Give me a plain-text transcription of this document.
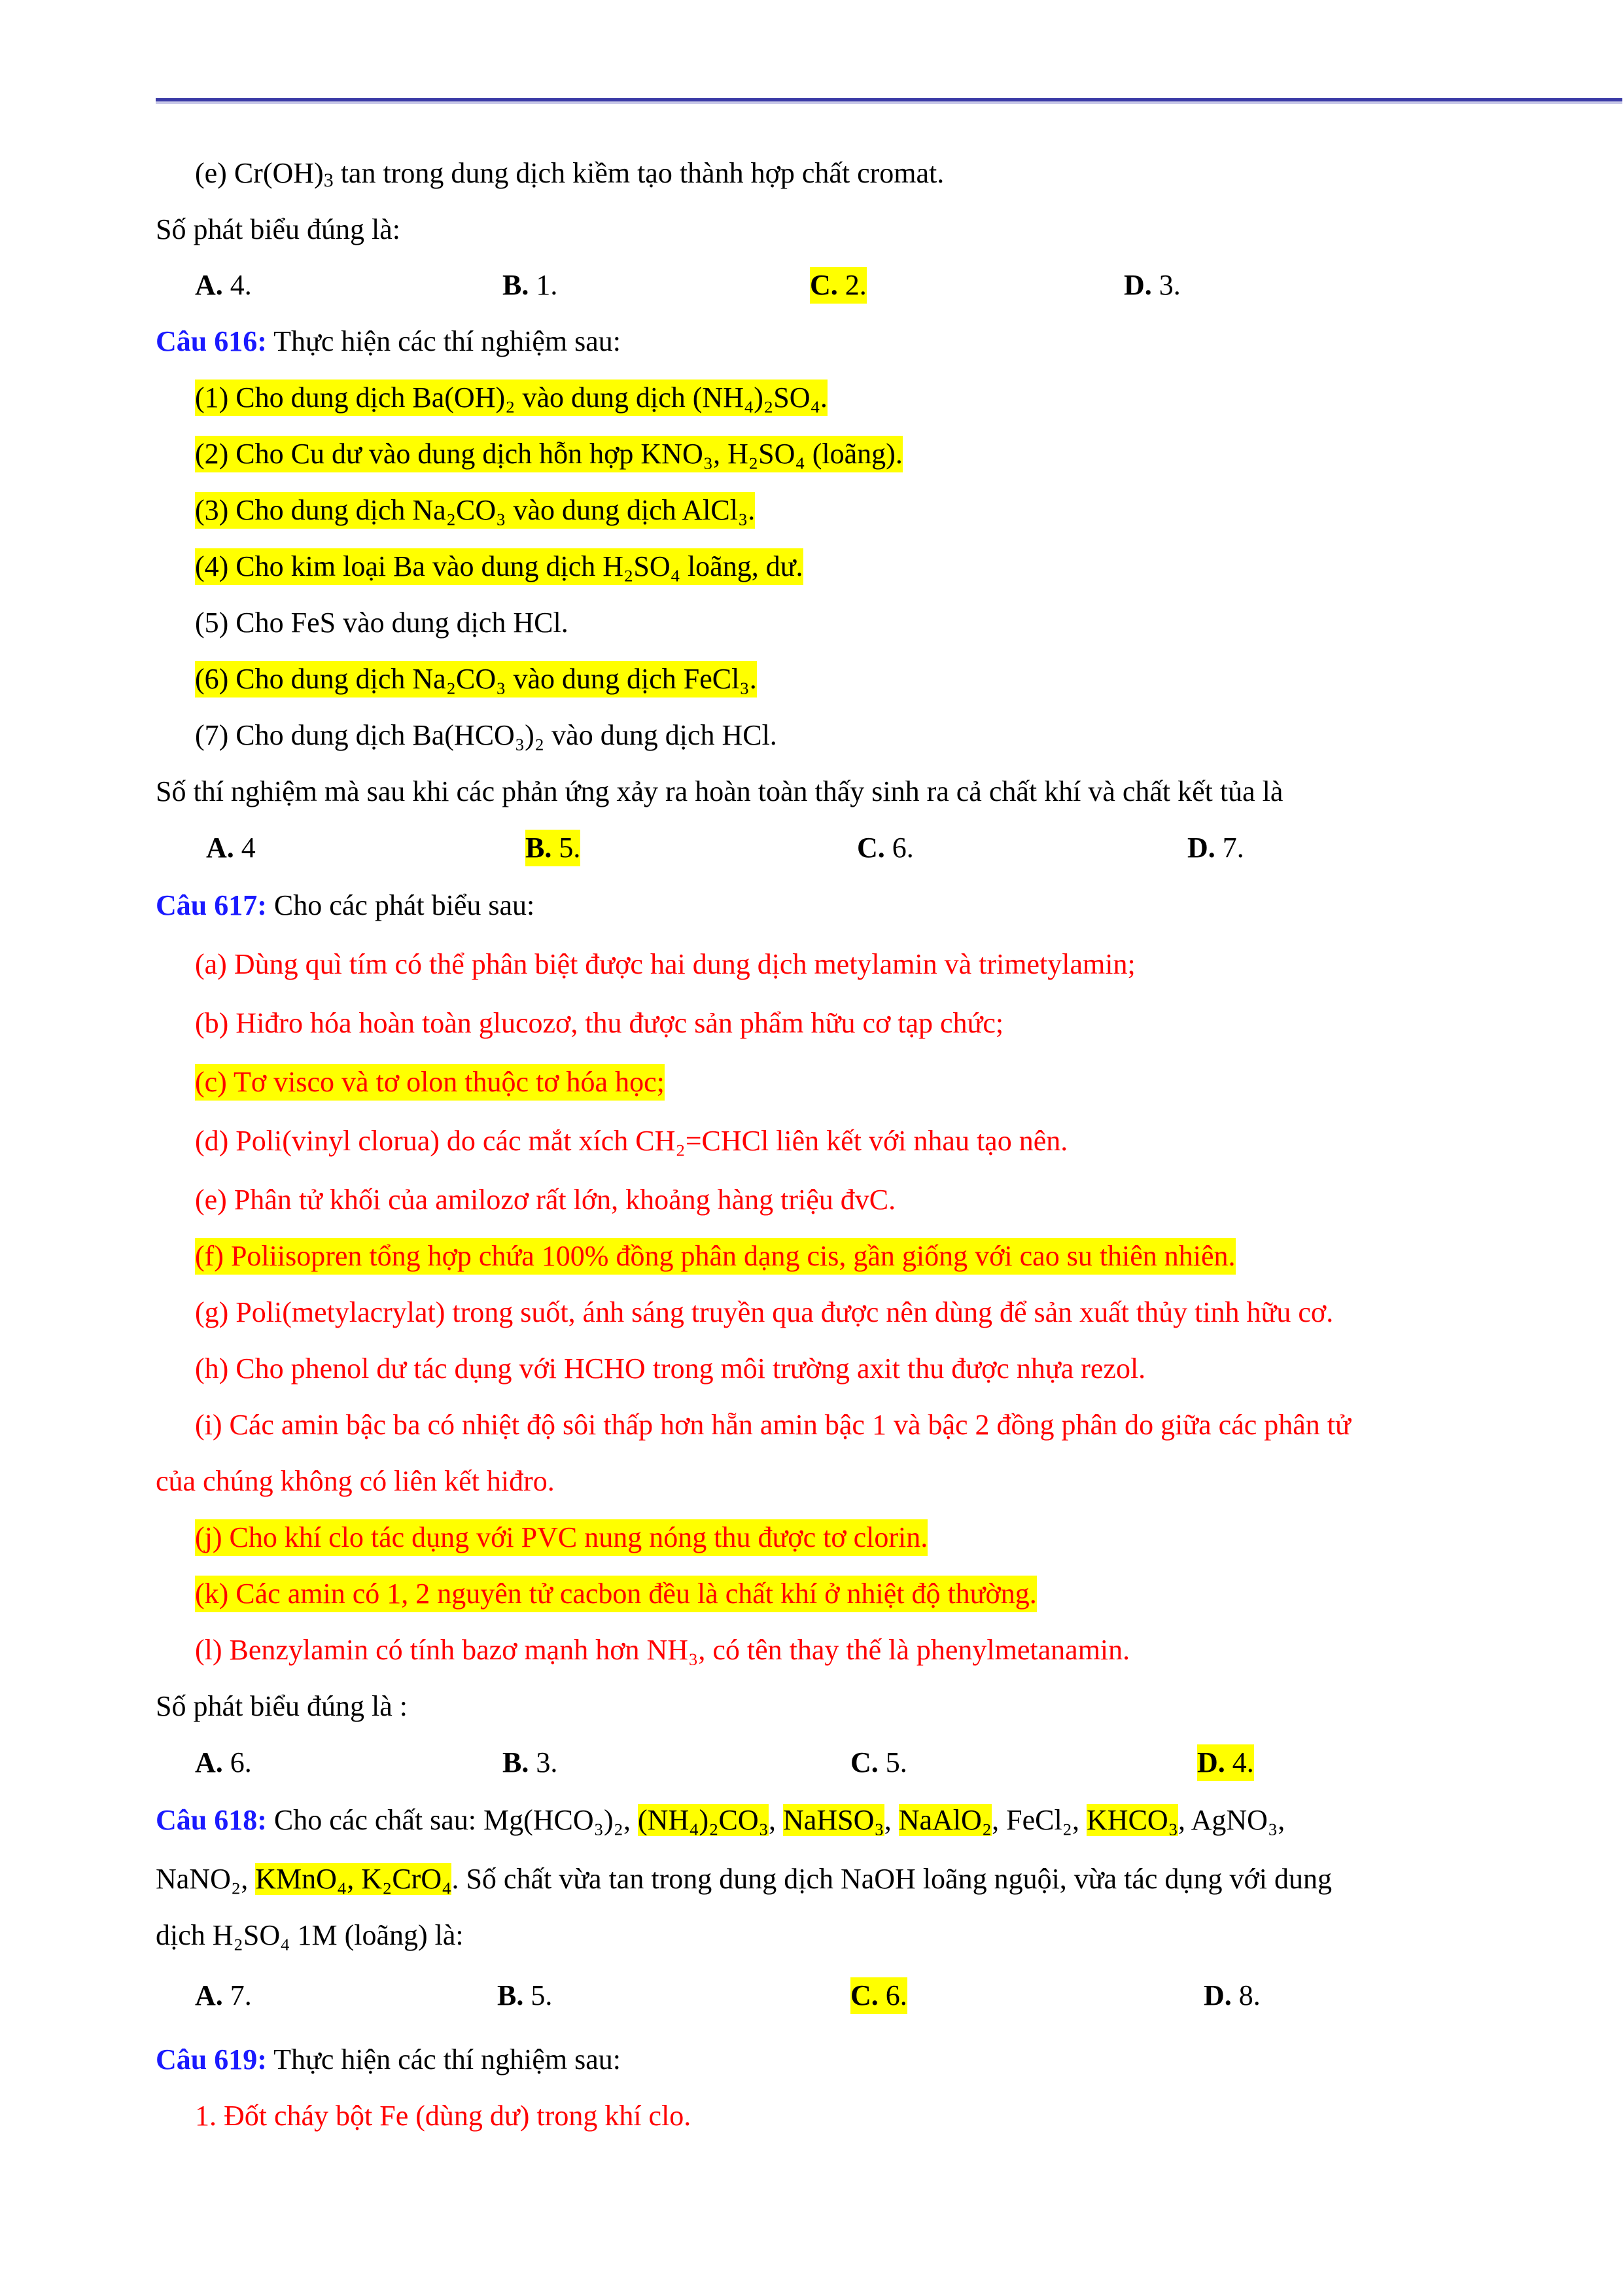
(e) $Cr(OH)_3$ tan trong dung dịch kiềm tạo thành hợp chất cromat.
Số phát biểu đúng là:
A. 4.	B. 1.	C. 2.	D. 3.
Câu 616: Thực hiện các thí nghiệm sau:
(1) Cho dung dịch Ba(OH)₂ vào dung dịch (NH₄)₂SO₄.
(2) Cho Cu dư vào dung dịch hỗn hợp KNO₃, H₂SO₄ (loãng).
(3) Cho dung dịch Na₂CO₃ vào dung dịch AlCl₃.
(4) Cho kim loại Ba vào dung dịch H₂SO₄ loãng, dư.
(5) Cho FeS vào dung dịch HCl.
(6) Cho dung dịch Na₂CO₃ vào dung dịch FeCl₃.
(7) Cho dung dịch Ba(HCO₃)₂ vào dung dịch HCl.
Số thí nghiệm mà sau khi các phản ứng xảy ra hoàn toàn thấy sinh ra cả chất khí và chất kết tủa là
A. 4	B. 5.	C. 6.	D. 7.
Câu 617: Cho các phát biểu sau:
(a) Dùng quì tím có thể phân biệt được hai dung dịch metylamin và trimetylamin;
(b) Hiđro hóa hoàn toàn glucozơ, thu được sản phẩm hữu cơ tạp chức;
(c) Tơ visco và tơ olon thuộc tơ hóa học;
(d) Poli(vinyl clorua) do các mắt xích CH₂=CHCl liên kết với nhau tạo nên.
(e) Phân tử khối của amilozơ rất lớn, khoảng hàng triệu đvC.
(f) Poliisopren tổng hợp chứa 100% đồng phân dạng cis, gần giống với cao su thiên nhiên.
(g) Poli(metylacrylat) trong suốt, ánh sáng truyền qua được nên dùng để sản xuất thủy tinh hữu cơ.
(h) Cho phenol dư tác dụng với HCHO trong môi trường axit thu được nhựa rezol.
(i) Các amin bậc ba có nhiệt độ sôi thấp hơn hẵn amin bậc 1 và bậc 2 đồng phân do giữa các phân tử
của chúng không có liên kết hiđro.
(j) Cho khí clo tác dụng với PVC nung nóng thu được tơ clorin.
(k) Các amin có 1, 2 nguyên tử cacbon đều là chất khí ở nhiệt độ thường.
(l) Benzylamin có tính bazơ mạnh hơn NH₃, có tên thay thế là phenylmetanamin.
Số phát biểu đúng là :
A. 6.	B. 3.	C. 5.	D. 4.
Câu 618: Cho các chất sau: Mg(HCO₃)₂, (NH₄)₂CO₃, NaHSO₃, NaAlO₂, FeCl₂, KHCO₃, AgNO₃,
NaNO₂, KMnO₄, K₂CrO₄. Số chất vừa tan trong dung dịch NaOH loãng nguội, vừa tác dụng với dung
dịch H₂SO₄ 1M (loãng) là:
A. 7.	B. 5.	C. 6.	D. 8.
Câu 619: Thực hiện các thí nghiệm sau:
1. Đốt cháy bột Fe (dùng dư) trong khí clo.
